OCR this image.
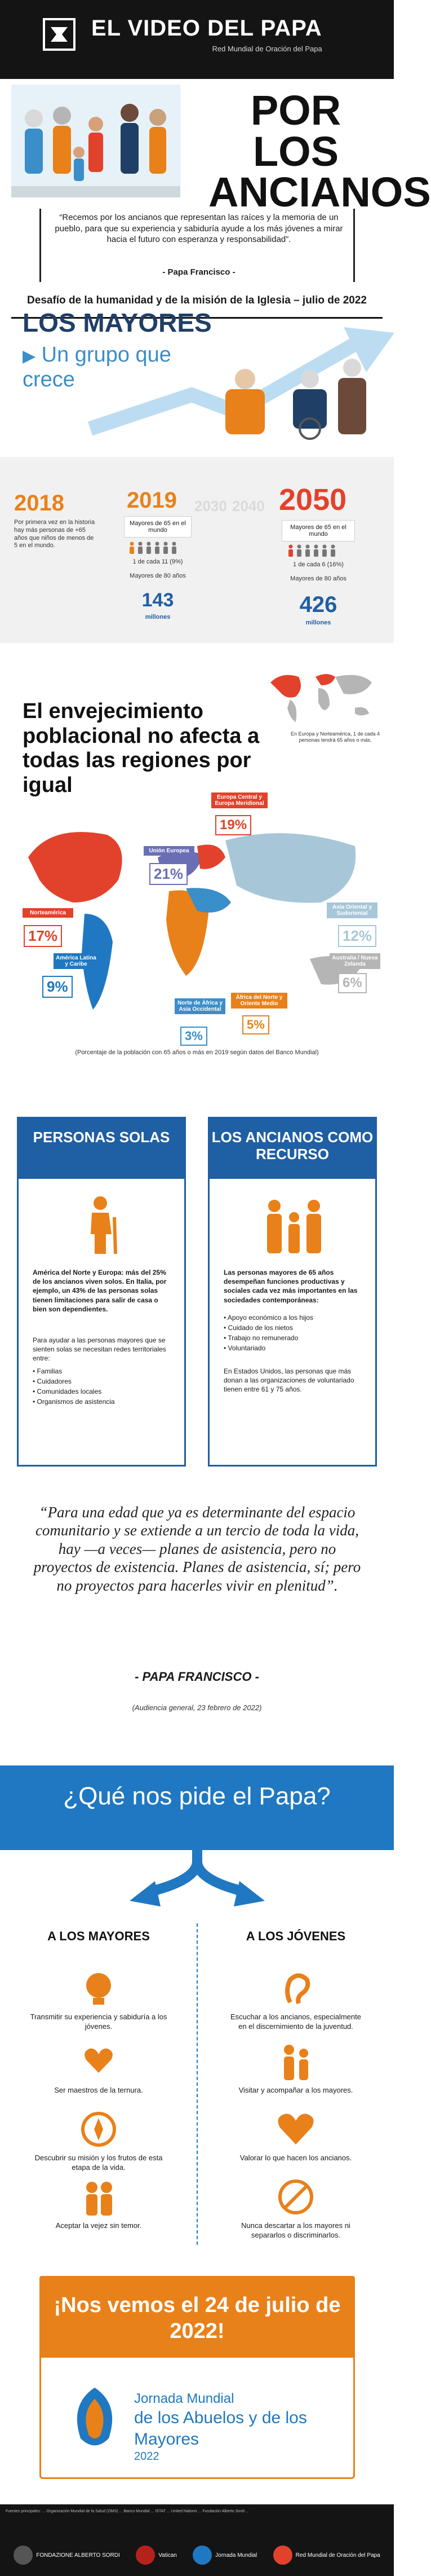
EL VIDEO DEL PAPA
Red Mundial de Oración del Papa
POR LOS ANCIANOS
“Recemos por los ancianos que representan las raíces y la memoria de un pueblo, para que su experiencia y sabiduría ayude a los más jóvenes a mirar hacia el futuro con esperanza y responsabilidad”.
- Papa Francisco -
Desafío de la humanidad y de la misión de la Iglesia – julio de 2022
LOS MAYORES
▶ Un grupo que crece
2018
Por primera vez en la historia hay más personas de +65 años que niños de menos de 5 en el mundo.
2019
Mayores de 65 en el mundo
1 de cada 11 (9%)
Mayores de 80 años
143
millones
2030 2040 2050
Mayores de 65 en el mundo
1 de cada 6 (16%)
Mayores de 80 años
426
millones
En Europa y Norteamérica, 1 de cada 4 personas tendrá 65 años o más.
El envejecimiento poblacional no afecta a todas las regiones por igual
17%
Norteamérica
9%
América Latina y Caribe
3%
Norte de África y Asia Occidental
19%
Europa Central y Europa Meridional
21%
Unión Europea
5%
África del Norte y Oriente Medio
12%
Asia Oriental y Sudoriental
6%
Australia / Nueva Zelanda
(Porcentaje de la población con 65 años o más en 2019 según datos del Banco Mundial)
PERSONAS SOLAS
América del Norte y Europa: más del 25% de los ancianos viven solos. En Italia, por ejemplo, un 43% de las personas solas tienen limitaciones para salir de casa o bien son dependientes.
Para ayudar a las personas mayores que se sienten solas se necesitan redes territoriales entre:
• Familias
• Cuidadores
• Comunidades locales
• Organismos de asistencia
LOS ANCIANOS COMO RECURSO
Las personas mayores de 65 años desempeñan funciones productivas y sociales cada vez más importantes en las sociedades contemporáneas:
• Apoyo económico a los hijos
• Cuidado de los nietos
• Trabajo no remunerado
• Voluntariado
En Estados Unidos, las personas que más donan a las organizaciones de voluntariado tienen entre 61 y 75 años.
“Para una edad que ya es determinante del espacio comunitario y se extiende a un tercio de toda la vida, hay —a veces— planes de asistencia, pero no proyectos de existencia. Planes de asistencia, sí; pero no proyectos para hacerles vivir en plenitud”.
- PAPA FRANCISCO -
(Audiencia general, 23 febrero de 2022)
¿Qué nos pide el Papa?
A LOS MAYORES	A LOS JÓVENES
Transmitir su experiencia y sabiduría a los jóvenes.
Ser maestros de la ternura.
Descubrir su misión y los frutos de esta etapa de la vida.
Aceptar la vejez sin temor.
Escuchar a los ancianos, especialmente en el discernimiento de la juventud.
Visitar y acompañar a los mayores.
Valorar lo que hacen los ancianos.
Nunca descartar a los mayores ni separarlos o discriminarlos.
¡Nos vemos el 24 de julio de 2022!
Jornada Mundial
de los Abuelos y de los Mayores
2022
Fuentes principales: ... Organización Mundial de la Salud (OMS) ... Banco Mundial ... ISTAT ... United Nations ... Fundación Alberto Sordi ...
FONDAZIONE ALBERTO SORDI	Vatican	Jornada Mundial	Red Mundial de Oración del Papa
